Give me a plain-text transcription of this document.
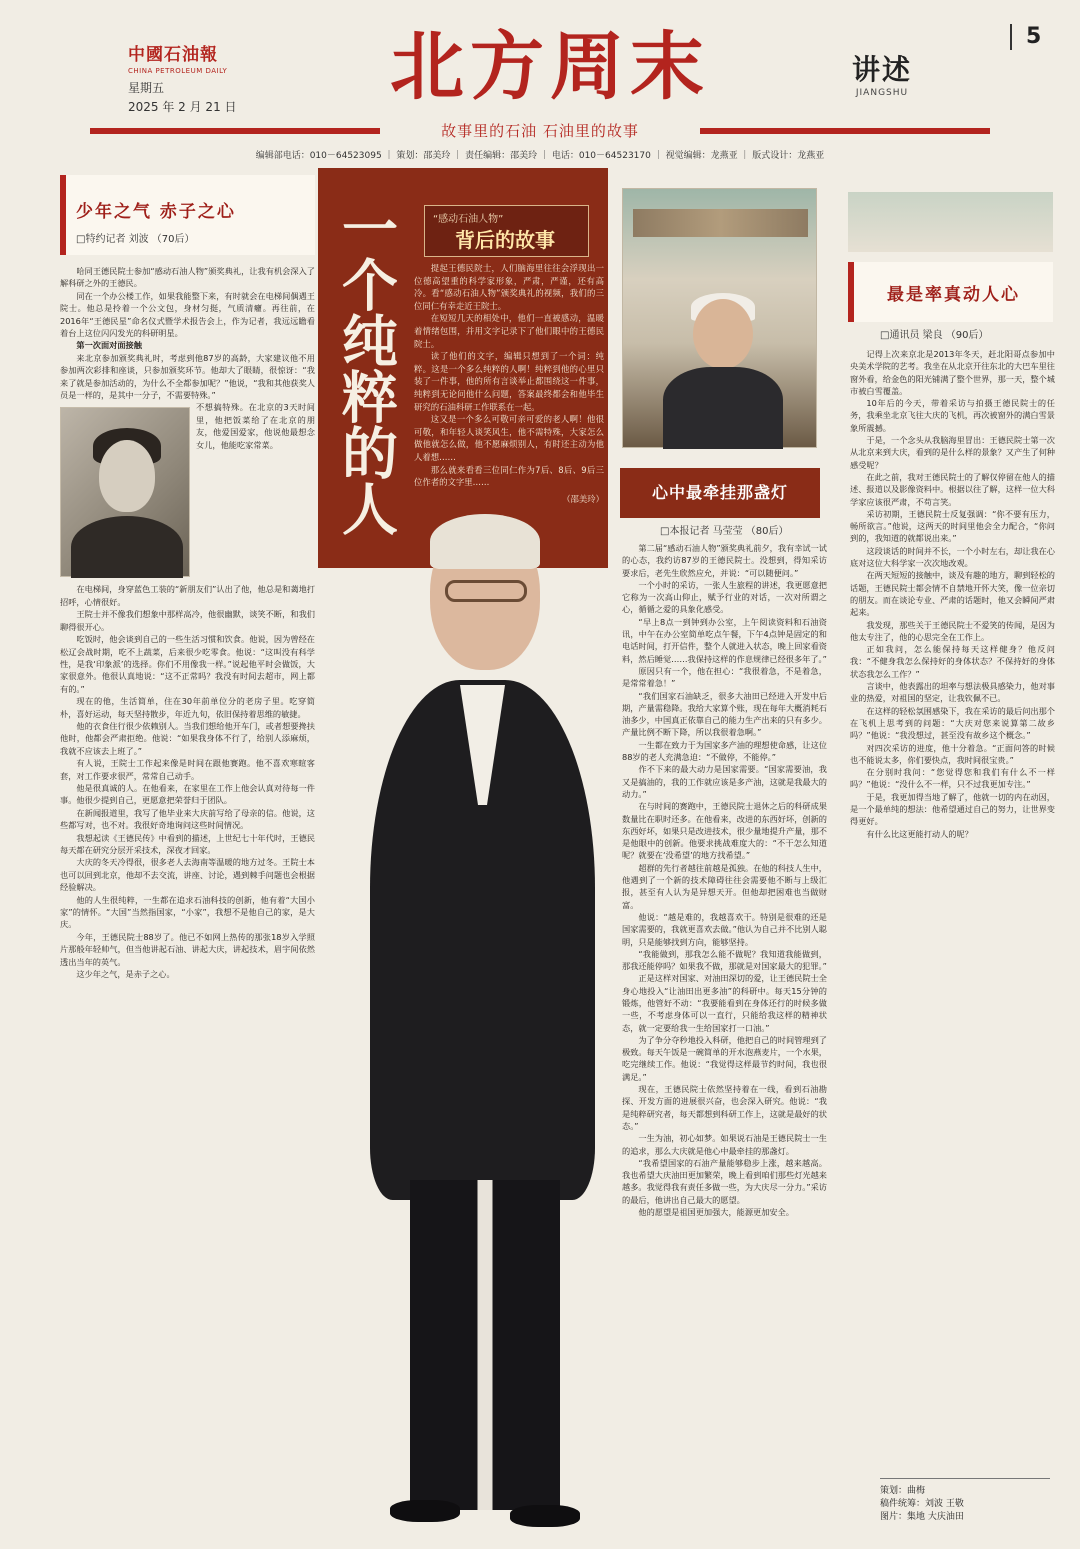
中國石油報
CHINA PETROLEUM DAILY
星期五
2025 年 2 月 21 日	北方周末	讲述
JIANGSHU
5
故事里的石油 石油里的故事
编辑部电话：010－64523095 ｜ 策划：邵美玲 ｜ 责任编辑：邵美玲 ｜ 电话：010－64523170 ｜ 视觉编辑：龙燕亚 ｜ 版式设计：龙燕亚
少年之气 赤子之心
□特约记者 刘波 （70后）

哈同王德民院士参加“感动石油人物”颁奖典礼，让我有机会深入了解科研之外的王德民。

同在一个办公楼工作，如果我能整下来，有时就会在电梯间偶遇王院士。他总是拎着一个公文包，身材匀挺，气质清癯。再往前，在2016年“王德民星”命名仪式暨学术报告会上，作为记者，我远远瞻看着台上这位闪闪发光的科研明星。

第一次面对面接触

来北京参加颁奖典礼时，考虑到他87岁的高龄，大家建议他不用参加两次彩排和座谈，只参加颁奖环节。他却大了眼睛，很惊讶：“我来了就是参加活动的，为什么不全都参加呢？”他说，“我和其他获奖人员是一样的，是其中一分子，不需要特殊。”

不想搞特殊。在北京的3天时间里，他把饭菜给了在北京的朋友，他爱国爱家，他说他最想念女儿，他能吃家常菜。

在电梯间，身穿蓝色工装的“新朋友们”认出了他，他总是和蔼地打招呼，心情很好。

王院士并不像我们想象中那样高冷，他很幽默，谈笑不断，和我们聊得很开心。

吃饭时，他会谈到自己的一些生活习惯和饮食。他说，因为曾经在松辽会战时期，吃不上蔬菜，后来很少吃零食。他说：“这叫没有科学性，是我‘印象派’的选择。你们不用像我一样。”说起他平时会做饭，大家很意外。他很认真地说：“这不正常吗？我没有时间去超市，网上都有的。”

现在的他，生活简单，住在30年前单位分的老房子里。吃穿简朴，喜好运动，每天坚持散步，年近九旬，依旧保持着思维的敏捷。

他的衣食住行很少依赖别人。当我们想给他开车门，或者想要搀扶他时，他都会严肃拒绝。他说：“如果我身体不行了，给别人添麻烦，我就不应该去上班了。”

有人说，王院士工作起来像是时间在跟他赛跑。他不喜欢寒暄客套，对工作要求很严，常常自己动手。

他是很真诚的人。在他看来，在家里在工作上他会认真对待每一件事。他很少提到自己，更愿意把荣誉归于团队。

在新闻报道里，我写了他毕业来大庆前写给了母亲的信。他说，这些都写对，也不对。我很好奇地询问这些时间情况。

我想起读《王德民传》中看到的描述，上世纪七十年代时，王德民每天都在研究分层开采技术，深夜才回家。

大庆的冬天冷得很，很多老人去海南等温暖的地方过冬。王院士本也可以回到北京，他却不去交流，讲座、讨论，遇到棘手问题也会根据经验解决。

他的人生很纯粹，一生都在追求石油科技的创新，他有着“大国小家”的情怀。“大国”当然指国家，“小家”，我想不是他自己的家，是大庆。

今年，王德民院士88岁了。他已不如网上热传的那张18岁入学照片那般年轻帅气，但当他讲起石油、讲起大庆，讲起技术，眉宇间依然透出当年的英气。

这少年之气，是赤子之心。

一个纯粹的人	“感动石油人物”
背后的故事

提起王德民院士，人们脑海里往往会浮现出一位德高望重的科学家形象，严肃，严谨，还有高冷。看“感动石油人物”颁奖典礼的视频，我们的三位同仁有幸走近王院士。

在短短几天的相处中，他们一直被感动，温暖着情绪包围，并用文字记录下了他们眼中的王德民院士。

读了他们的文字，编辑只想到了一个词：纯粹。这是一个多么纯粹的人啊！纯粹到他的心里只装了一件事，他的所有言谈举止都围绕这一件事，纯粹到无论问他什么问题，答案最终都会和他毕生研究的石油科研工作联系在一起。

这又是一个多么可敬可亲可爱的老人啊！他很可敬，和年轻人谈笑风生，他不需特殊，大家怎么做他就怎么做，他不愿麻烦别人，有时还主动为他人着想……

那么就来看看三位同仁作为7后、8后、9后三位作者的文字里……

（邵美玲）	心中最牵挂那盏灯
□本报记者 马莹莹 （80后）

第二届“感动石油人物”颁奖典礼前夕，我有幸试一试的心态，我约访87岁的王德民院士。没想到，得知采访要求后，老先生欣然应允，并说：“可以随便问。”

一个小时的采访，一张人生旅程的讲述，我更愿意把它称为一次高山仰止，赋予行业的对话，一次对所谓之心，循循之爱的具象化感受。

“早上8点一到钟到办公室，上午阅读资料和石油资讯，中午在办公室简单吃点午餐，下午4点钟是固定的和电话时间，打开信件，整个人就进入状态，晚上回家看资料，然后睡觉……我保持这样的作息规律已经很多年了。”

原因只有一个，他在担心：“我很着急，不是着急，是常常着急！”

“我们国家石油缺乏，很多大油田已经进入开发中后期，产量需稳降。我给大家算个账，现在每年大概消耗石油多少，中国真正依靠自己的能力生产出来的只有多少。产量比例不断下降，所以我很着急啊。”

一生都在致力于为国家多产油的理想使命感，让这位88岁的老人充满急迫：“不做停，不能停。”

作不下来的最大动力是国家需要。“国家需要油，我又是搞油的，我的工作就应该是多产油，这就是我最大的动力。”

在与时间的赛跑中，王德民院士退休之后的科研成果数量比在职时还多。在他看来，改进的东西好坏，创新的东西好坏，如果只是改进技术，很少量地提升产量，那不是他眼中的创新。他要求挑战难度大的：“不干怎么知道呢？就要在‘没希望’的地方找希望。”

超群的先行者越往前越是孤独。在他的科技人生中，他遇到了一个新的技术障碍往往会需要他不断与上级汇报，甚至有人认为是异想天开。但他却把困难也当做财富。

他说：“越是难的，我越喜欢干。特别是很难的还是国家需要的，我就更喜欢去做。”他认为自己并不比别人聪明，只是能够找到方向，能够坚持。

“我能做到，那我怎么能不做呢？我知道我能做到，那我还能停吗？如果我不做，那就是对国家最大的犯罪。”

正是这样对国家、对油田深切的爱，让王德民院士全身心地投入“让油田出更多油”的科研中。每天15分钟的锻炼，他管好不动：“我要能看到在身体还行的时候多做一些，不考虑身体可以一直行，只能给我这样的精神状态，就一定要给我一生给国家打一口油。”

为了争分夺秒地投入科研，他把自己的时间管理到了极致。每天午饭是一碗简单的开水泡燕麦片，一个水果，吃完继续工作。他说：“我觉得这样最节约时间，我也很满足。”

现在，王德民院士依然坚持着在一线，看到石油勘探、开发方面的进展很兴奋，也会深入研究。他说：“我是纯粹研究者，每天都想到科研工作上，这就是最好的状态。”

一生为油，初心如梦。如果说石油是王德民院士一生的追求，那么大庆就是他心中最牵挂的那盏灯。

“我希望国家的石油产量能够稳步上涨，越来越高。我也希望大庆油田更加繁荣，晚上看到咱们那些灯光越来越多。我觉得我有责任多做一些，为大庆尽一分力。”采访的最后，他讲出自己最大的愿望。

他的愿望是祖国更加强大，能源更加安全。

最是率真动人心
□通讯员 梁良 （90后）

记得上次来京北是2013年冬天，赶北阳哥点参加中央美术学院的艺考。我坐在从北京开往东北的大巴车里往窗外看，给金色的阳光铺满了整个世界，那一天，整个城市被白雪覆盖。

10年后的今天，带着采访与拍摄王德民院士的任务，我乘坐北京飞往大庆的飞机，再次被窗外的满白雪景象所震撼。

于是，一个念头从我脑海里冒出：王德民院士第一次从北京来到大庆，看到的是什么样的景象？又产生了何种感受呢？

在此之前，我对王德民院士的了解仅停留在他人的描述、报道以及影像资料中。根据以往了解，这样一位大科学家应该很严肃，不苟言笑。

采访初期，王德民院士反复强调：“你不要有压力，畅所欲言。”他说，这两天的时间里他会全力配合，“你问到的，我知道的就都说出来。”

这段谈话的时间并不长，一个小时左右，却让我在心底对这位大科学家一次次地改观。

在两天短短的接触中，谈及有趣的地方，聊到轻松的话题，王德民院士都会情不自禁地开怀大笑，像一位亲切的朋友。而在谈论专业、严肃的话题时，他又会瞬间严肃起来。

我发现，那些关于王德民院士不爱笑的传闻，是因为他太专注了，他的心思完全在工作上。

正如我问，怎么能保持每天这样健身？他反问我：“不健身我怎么保持好的身体状态？不保持好的身体状态我怎么工作？”

言谈中，他表露出的坦率与想法极具感染力，他对事业的热爱，对祖国的坚定，让我钦佩不已。

在这样的轻松氛围感染下，我在采访的最后问出那个在飞机上思考到的问题：“大庆对您来说算第二故乡吗？”他说：“我没想过，甚至没有故乡这个概念。”

对四次采访的进度，他十分着急。“正面问答的时候也不能说太多，你们要快点，我时间很宝贵。”

在分别时我问：“您觉得您和我们有什么不一样吗？”他说：“没什么不一样，只不过我更加专注。”

于是，我更加得当地了解了，他就一切的内在动因，是一个最单纯的想法：他希望通过自己的努力，让世界变得更好。

有什么比这更能打动人的呢？

策划：曲梅
稿件统筹：刘波 王敬
图片：集地 大庆油田
